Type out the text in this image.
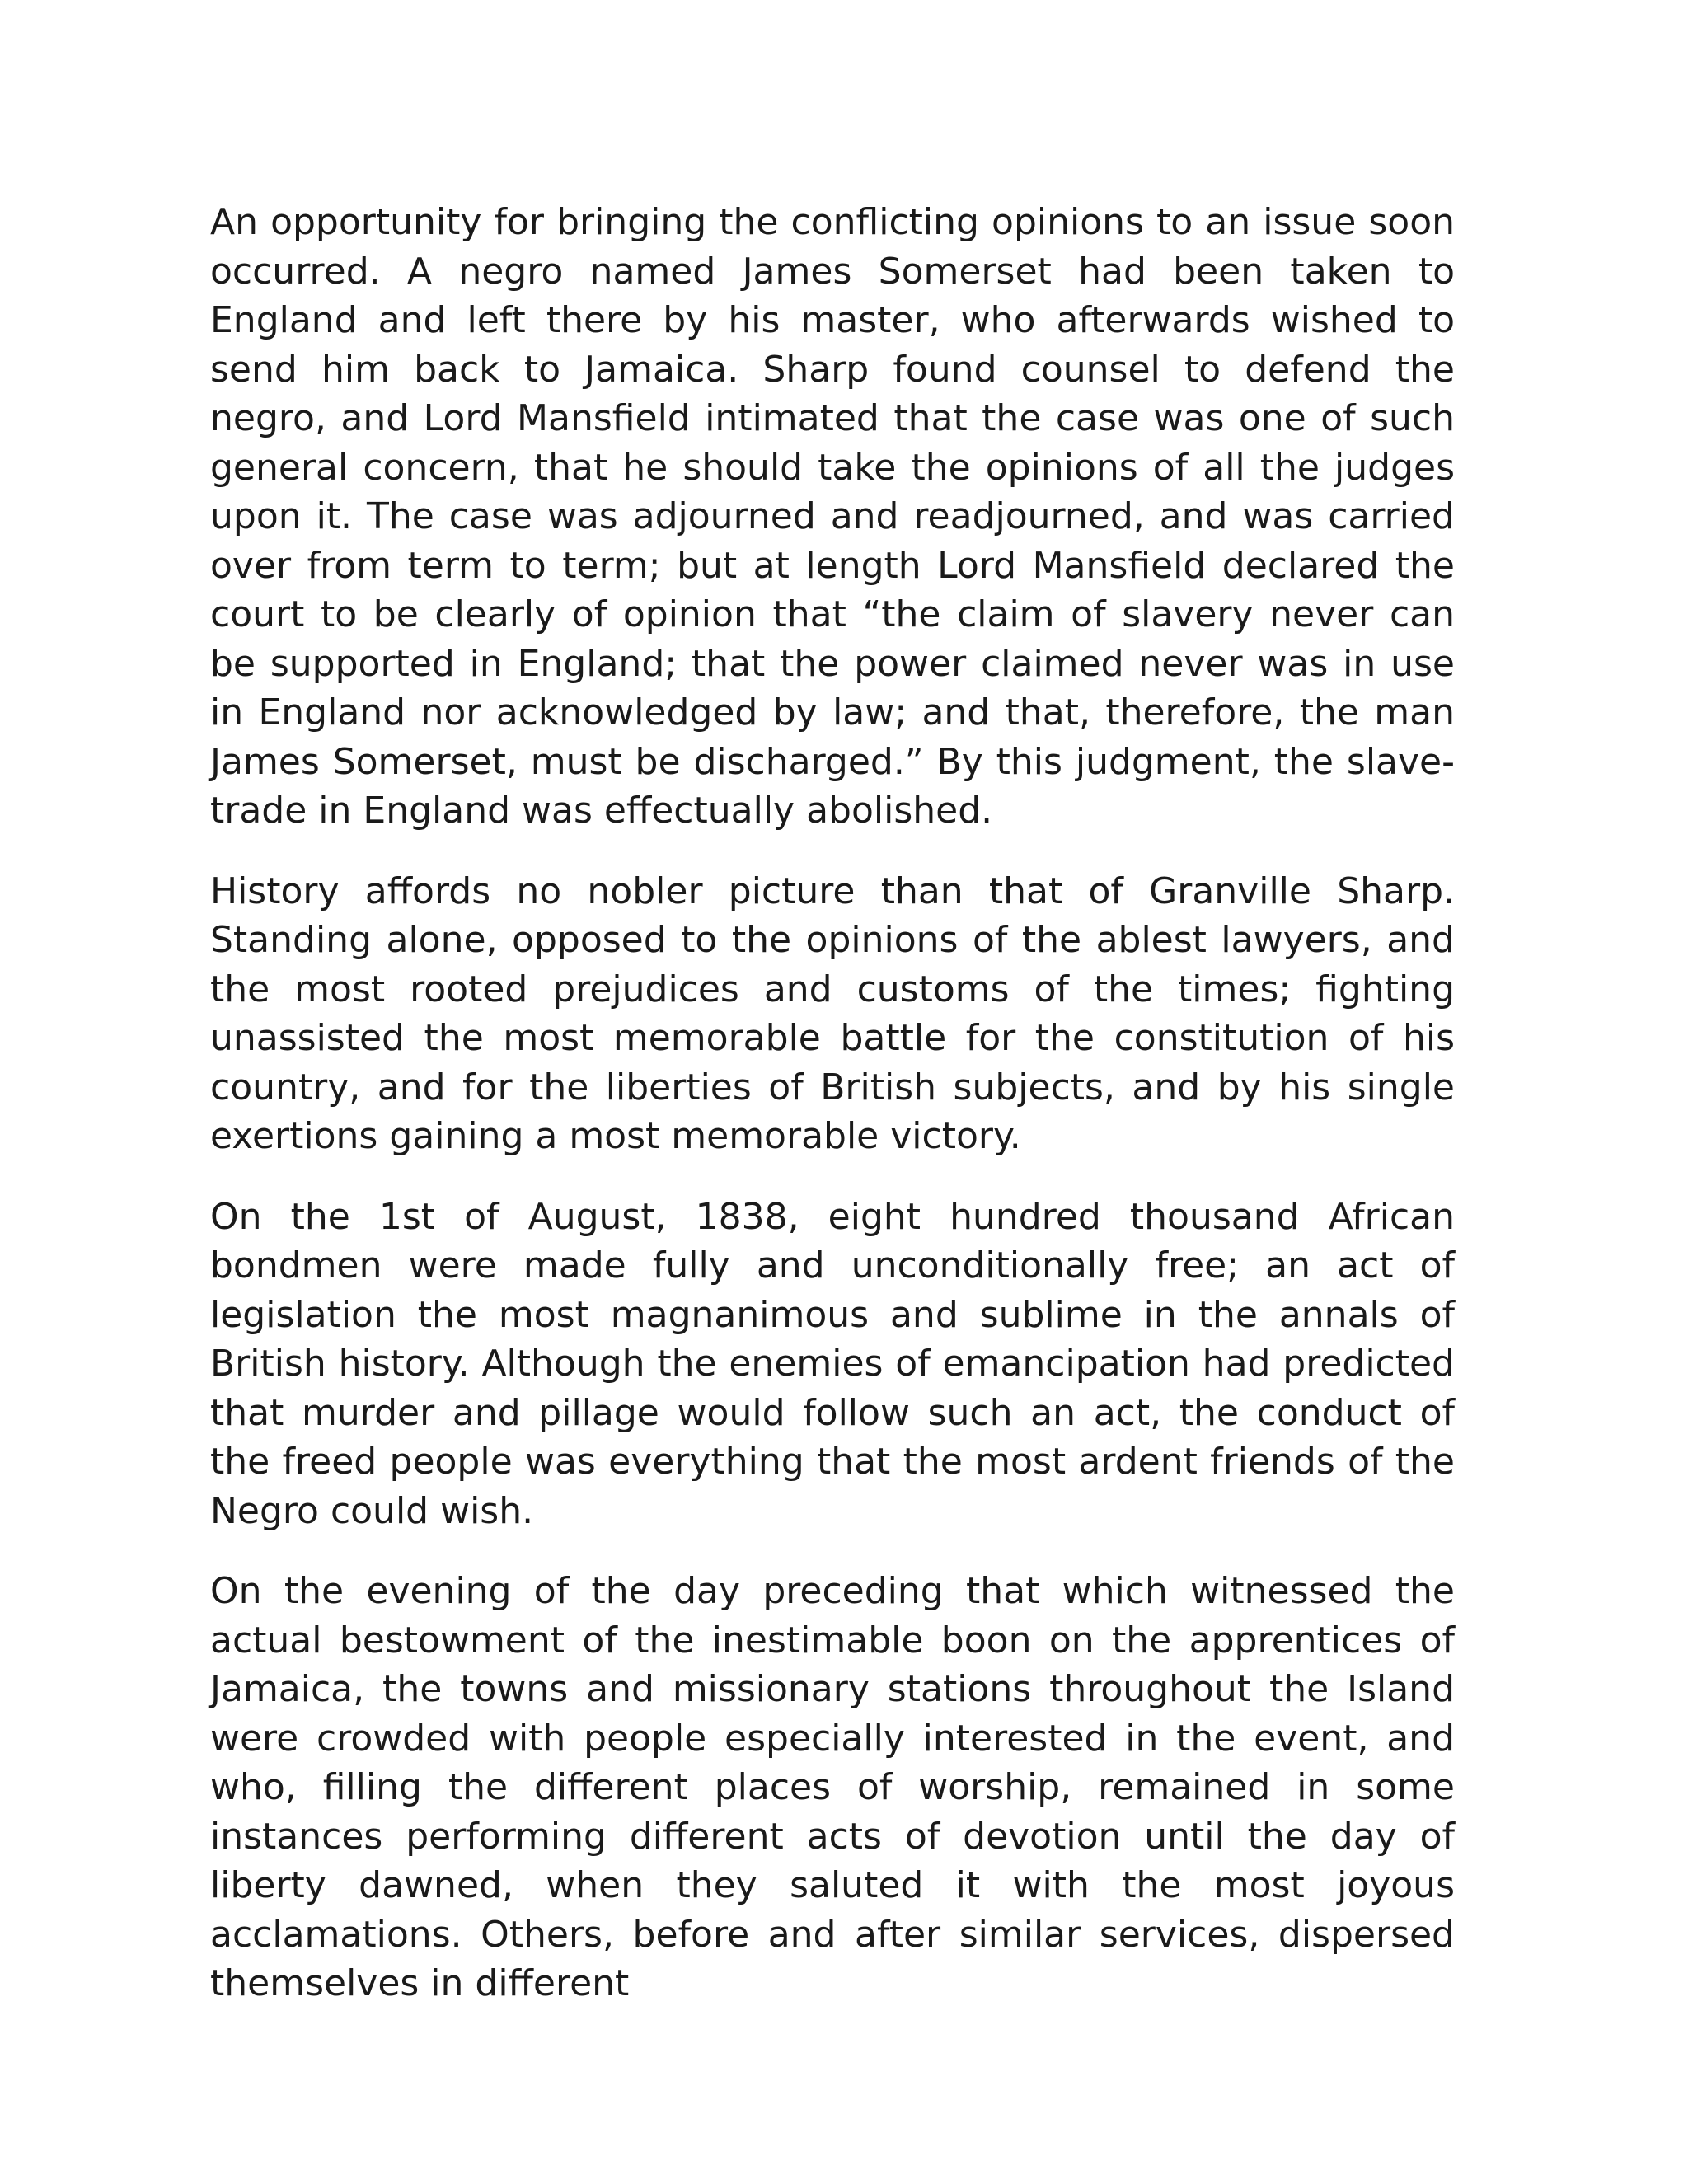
An opportunity for bringing the conflicting opinions to an issue soon occurred. A negro named James Somerset had been taken to England and left there by his master, who afterwards wished to send him back to Jamaica. Sharp found counsel to defend the negro, and Lord Mansfield intimated that the case was one of such general concern, that he should take the opinions of all the judges upon it. The case was adjourned and readjourned, and was carried over from term to term; but at length Lord Mansfield declared the court to be clearly of opinion that “the claim of slavery never can be supported in England; that the power claimed never was in use in England nor acknowledged by law; and that, therefore, the man James Somerset, must be discharged.” By this judgment, the slave-trade in England was effectually abolished.

History affords no nobler picture than that of Granville Sharp. Standing alone, opposed to the opinions of the ablest lawyers, and the most rooted prejudices and customs of the times; fighting unassisted the most memorable battle for the constitution of his country, and for the liberties of British subjects, and by his single exertions gaining a most memorable victory.

On the 1st of August, 1838, eight hundred thousand African bondmen were made fully and unconditionally free; an act of legislation the most magnanimous and sublime in the annals of British history. Although the enemies of emancipation had predicted that murder and pillage would follow such an act, the conduct of the freed people was everything that the most ardent friends of the Negro could wish.

On the evening of the day preceding that which witnessed the actual bestowment of the inestimable boon on the apprentices of Jamaica, the towns and missionary stations throughout the Island were crowded with people especially interested in the event, and who, filling the different places of worship, remained in some instances performing different acts of devotion until the day of liberty dawned, when they saluted it with the most joyous acclamations. Others, before and after similar services, dispersed themselves in different
